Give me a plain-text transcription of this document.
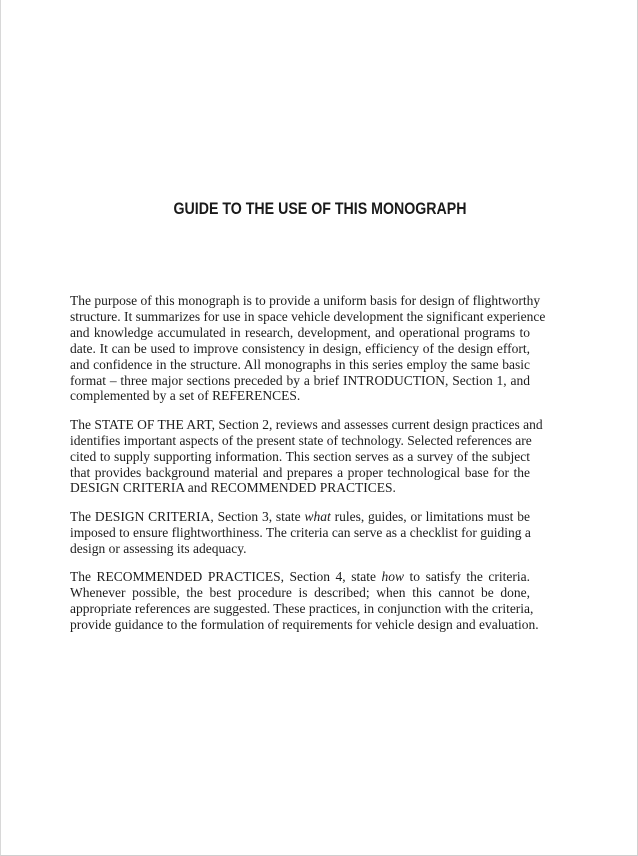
GUIDE TO THE USE OF THIS MONOGRAPH

The purpose of this monograph is to provide a uniform basis for design of flightworthy
structure. It summarizes for use in space vehicle development the significant experience
and knowledge accumulated in research, development, and operational programs to
date. It can be used to improve consistency in design, efficiency of the design effort,
and confidence in the structure. All monographs in this series employ the same basic
format – three major sections preceded by a brief INTRODUCTION, Section 1, and
complemented by a set of REFERENCES.

The STATE OF THE ART, Section 2, reviews and assesses current design practices and
identifies important aspects of the present state of technology. Selected references are
cited to supply supporting information. This section serves as a survey of the subject
that provides background material and prepares a proper technological base for the
DESIGN CRITERIA and RECOMMENDED PRACTICES.

The DESIGN CRITERIA, Section 3, state what rules, guides, or limitations must be
imposed to ensure flightworthiness. The criteria can serve as a checklist for guiding a
design or assessing its adequacy.

The RECOMMENDED PRACTICES, Section 4, state how to satisfy the criteria.
Whenever possible, the best procedure is described; when this cannot be done,
appropriate references are suggested. These practices, in conjunction with the criteria,
provide guidance to the formulation of requirements for vehicle design and evaluation.
